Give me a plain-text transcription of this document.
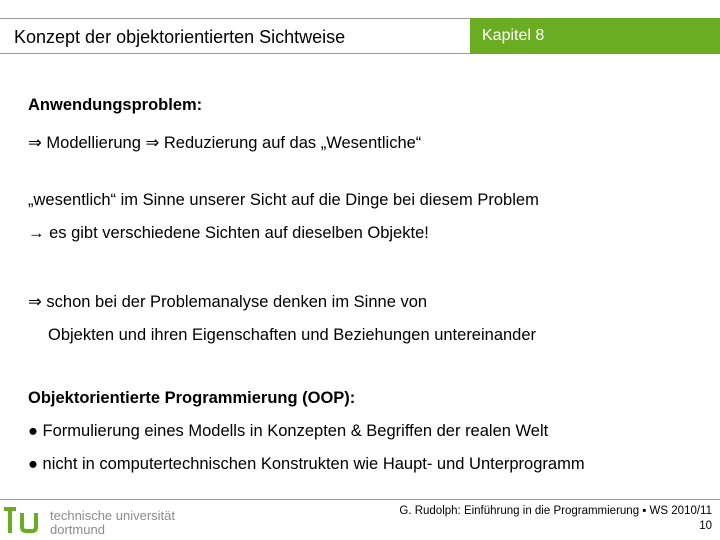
Konzept der objektorientierten Sichtweise	Kapitel 8
Anwendungsproblem:
⇒ Modellierung ⇒ Reduzierung auf das „Wesentliche“
„wesentlich“ im Sinne unserer Sicht auf die Dinge bei diesem Problem
→ es gibt verschiedene Sichten auf dieselben Objekte!
⇒ schon bei der Problemanalyse denken im Sinne von
Objekten und ihren Eigenschaften und Beziehungen untereinander
Objektorientierte Programmierung (OOP):
● Formulierung eines Modells in Konzepten & Begriffen der realen Welt
● nicht in computertechnischen Konstrukten wie Haupt- und Unterprogramm
technische universität
dortmund
G. Rudolph: Einführung in die Programmierung ▪ WS 2010/11
10
